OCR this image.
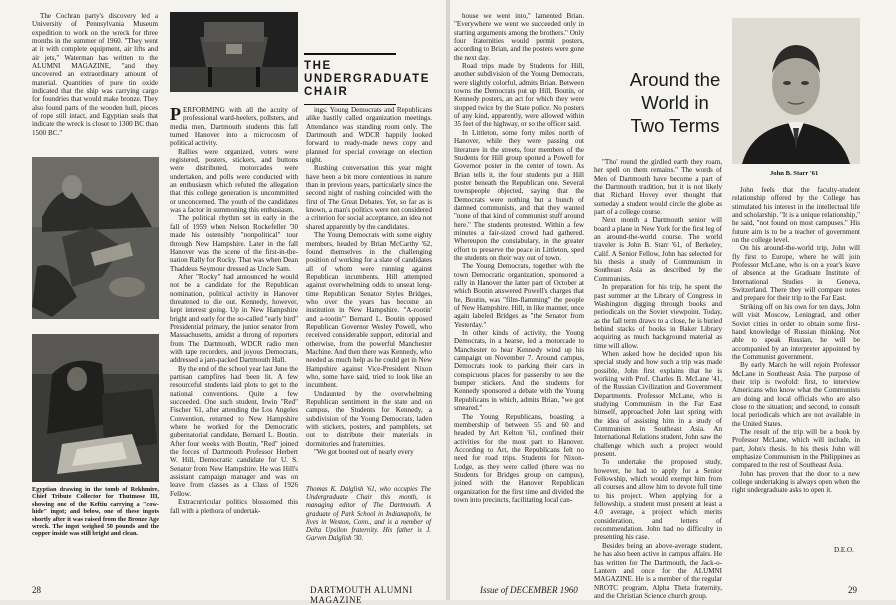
The Cochran party's discovery led a University of Pennsylvania Museum expedition to work on the wreck for three months in the summer of 1960. "They went at it with complete equipment, air lifts and air jets," Waterman has written to the ALUMNI MAGAZINE, "and they uncovered an extraordinary amount of material. Quantities of pure tin oxide indicated that the ship was carrying cargo for foundries that would make bronze. They also found parts of the wooden hull, pieces of rope still intact, and Egyptian seals that indicate the wreck is closer to 1300 BC than 1500 BC."

Egyptian drawing in the tomb of Rekhmire, Chief Tribute Collector for Thutmose III, showing one of the Keftiu carrying a "cow-hide" ingot; and below, one of these ingots shortly after it was raised from the Bronze Age wreck. The ingot weighed 50 pounds and the copper inside was still bright and clean.
THE
UNDERGRADUATE
CHAIR

PERFORMING with all the acuity of professional ward-heelers, pollsters, and media men, Dartmouth students this fall turned Hanover into a microcosm of political activity.

Rallies were organized, voters were registered, posters, stickers, and buttons were distributed, motorcades were undertaken, and polls were conducted with an enthusiasm which refuted the allegation that this college generation is uncommitted or unconcerned. The youth of the candidates was a factor in summoning this enthusiasm.

The political rhythm set in early in the fall of 1959 when Nelson Rockefeller '30 made his ostensibly "nonpolitical" tour through New Hampshire. Later in the fall Hanover was the scene of the first-in-the-nation Rally for Rocky. That was when Dean Thaddeus Seymour dressed as Uncle Sam.

After "Rocky" had announced he would not be a candidate for the Republican nomination, political activity in Hanover threatened to die out. Kennedy, however, kept interest going. Up in New Hampshire bright and early for the so-called "early bird" Presidential primary, the junior senator from Massachusetts, amidst a throng of reporters from The Dartmouth, WDCR radio men with tape recorders, and joyous Democrats, addressed a jam-packed Dartmouth Hall.

By the end of the school year last June the partisan campfires had been lit. A few resourceful students laid plots to get to the national conventions. Quite a few succeeded. One such student, Irwin "Red" Fischer '61, after attending the Los Angeles Convention, returned to New Hampshire where he worked for the Democratic gubernatorial candidate, Bernard L. Boutin. After four weeks with Boutin, "Red" joined the forces of Dartmouth Professor Herbert W. Hill, Democratic candidate for U. S. Senator from New Hampshire. He was Hill's assistant campaign manager and was on leave from classes as a Class of 1926 Fellow.

Extracurricular politics blossomed this fall with a plethora of undertak-

ings. Young Democrats and Republicans alike hastily called organization meetings. Attendance was standing room only. The Dartmouth and WDCR happily looked forward to ready-made news copy and planned for special coverage on election night.

Rushing conversation this year might have been a bit more contentious in nature than in previous years, particularly since the second night of rushing coincided with the first of The Great Debates. Yet, so far as is known, a man's politics were not considered a criterion for social acceptance, an idea not shared apparently by the candidates.

The Young Democrats with some eighty members, headed by Brian McCarthy '62, found themselves in the challenging position of working for a slate of candidates all of whom were running against Republican incumbents. Hill attempted against overwhelming odds to unseat long-time Republican Senator Styles Bridges, who over the years has become an institution in New Hampshire. "A-rootin' and a-tootin'" Bernard L. Boutin opposed Republican Governor Wesley Powell, who received considerable support, editorial and otherwise, from the powerful Manchester Machine. And then there was Kennedy, who needed as much help as he could get in New Hampshire against Vice-President Nixon who, some have said, tried to look like an incumbent.

Undaunted by the overwhelming Republican sentiment in the state and on campus, the Students for Kennedy, a subdivision of the Young Democrats, laden with stickers, posters, and pamphlets, set out to distribute their materials in dormitories and fraternities.

"We got booted out of nearly every

Thomas K. Dalglish '61, who occupies The Undergraduate Chair this month, is managing editor of The Dartmouth. A graduate of Park School in Indianapolis, he lives in Weston, Conn., and is a member of Delta Upsilon fraternity. His father is J. Garven Dalglish '30.
28	DARTMOUTH ALUMNI MAGAZINE

house we went into," lamented Brian. "Everywhere we went we succeeded only in starting arguments among the brothers." Only four fraternities would permit posters, according to Brian, and the posters were gone the next day.

Road trips made by Students for Hill, another subdivision of the Young Democrats, were slightly colorful, admits Brian. Between towns the Democrats put up Hill, Boutin, or Kennedy posters, an act for which they were stopped twice by the State police. No posters of any kind, apparently, were allowed within 35 feet of the highway, or so the officer said.

In Littleton, some forty miles north of Hanover, while they were passing out literature in the streets, four members of the Students for Hill group spotted a Powell for Governor poster in the center of town. As Brian tells it, the four students put a Hill poster beneath the Republican one. Several townspeople objected, saying that the Democrats were nothing but a bunch of damned communists, and that they wanted "none of that kind of communist stuff around here." The students protested. Within a few minutes a fair-sized crowd had gathered. Whereupon the constabulary, in the greater effort to preserve the peace in Littleton, sped the students on their way out of town.

The Young Democrats, together with the town Democratic organization, sponsored a rally in Hanover the latter part of October at which Boutin answered Powell's charges that he, Boutin, was "film-flamming" the people of New Hampshire. Hill, in like manner, once again labeled Bridges as "the Senator from Yesterday."

In other kinds of activity, the Young Democrats, in a hearse, led a motorcade to Manchester to hear Kennedy wind up his campaign on November 7. Around campus, Democrats took to parking their cars in conspicuous places for passersby to see the bumper stickers. And the students for Kennedy sponsored a debate with the Young Republicans in which, admits Brian, "we got smeared."

The Young Republicans, boasting a membership of between 55 and 60 and headed by Art Kelton '61, confined their activities for the most part to Hanover. According to Art, the Republicans felt no need for road trips. Students for Nixon-Lodge, as they were called (there was no Students for Bridges group on campus), joined with the Hanover Republican organization for the first time and divided the town into precincts, facilitating local can-

Around the
World in
Two Terms

"Tho' round the girdled earth they roam, her spell on them remains." The words of Men of Dartmouth have become a part of the Dartmouth tradition, but it is not likely that Richard Hovey ever thought that someday a student would circle the globe as part of a college course.

Next month a Dartmouth senior will board a plane in New York for the first leg of an around-the-world course. The world traveler is John B. Starr '61, of Berkeley, Calif. A Senior Fellow, John has selected for his thesis a study of Communism in Southeast Asia as described by the Communists.

In preparation for his trip, he spent the past summer at the Library of Congress in Washington digging through books and periodicals on the Soviet viewpoint. Today, as the fall term draws to a close, he is buried behind stacks of books in Baker Library acquiring as much background material as time will allow.

When asked how he decided upon his special study and how such a trip was made possible, John first explains that he is working with Prof. Charles B. McLane '41, of the Russian Civilization and Government Departments. Professor McLane, who is studying Communism in the Far East himself, approached John last spring with the idea of assisting him in a study of Communism in Southeast Asia. An International Relations student, John saw the challenge which such a project would present.

To undertake the proposed study, however, he had to apply for a Senior Fellowship, which would exempt him from all courses and allow him to devote full time to his project. When applying for a fellowship, a student must present at least a 4.0 average, a project which merits consideration, and letters of recommendation. John had no difficulty in presenting his case.

Besides being an above-average student, he has also been active in campus affairs. He has written for The Dartmouth, the Jack-o-Lantern and once for the ALUMNI MAGAZINE. He is a member of the regular NROTC program, Alpha Theta fraternity, and the Christian Science church group.

John B. Starr '61

John feels that the faculty-student relationship offered by the College has stimulated his interest in the intellectual life and scholarship. "It is a unique relationship," he said, "not found on most campuses." His future aim is to be a teacher of government on the college level.

On his around-the-world trip, John will fly first to Europe, where he will join Professor McLane, who is on a year's leave of absence at the Graduate Institute of International Studies in Geneva, Switzerland. There they will compare notes and prepare for their trip to the Far East.

Striking off on his own for ten days, John will visit Moscow, Leningrad, and other Soviet cities in order to obtain some first-hand knowledge of Russian thinking. Not able to speak Russian, he will be accompanied by an interpreter appointed by the Communist government.

By early March he will rejoin Professor McLane in Southeast Asia. The purpose of their trip is twofold: first, to interview Americans who know what the Communists are doing and local officials who are also close to the situation; and second, to consult local periodicals which are not available in the United States.

The result of the trip will be a book by Professor McLane, which will include, in part, John's thesis. In his thesis John will emphasize Communism in the Philippines as compared to the rest of Southeast Asia.

John has proven that the door to a new college undertaking is always open when the right undergraduate asks to open it.

D.E.O.
Issue of DECEMBER 1960	29
